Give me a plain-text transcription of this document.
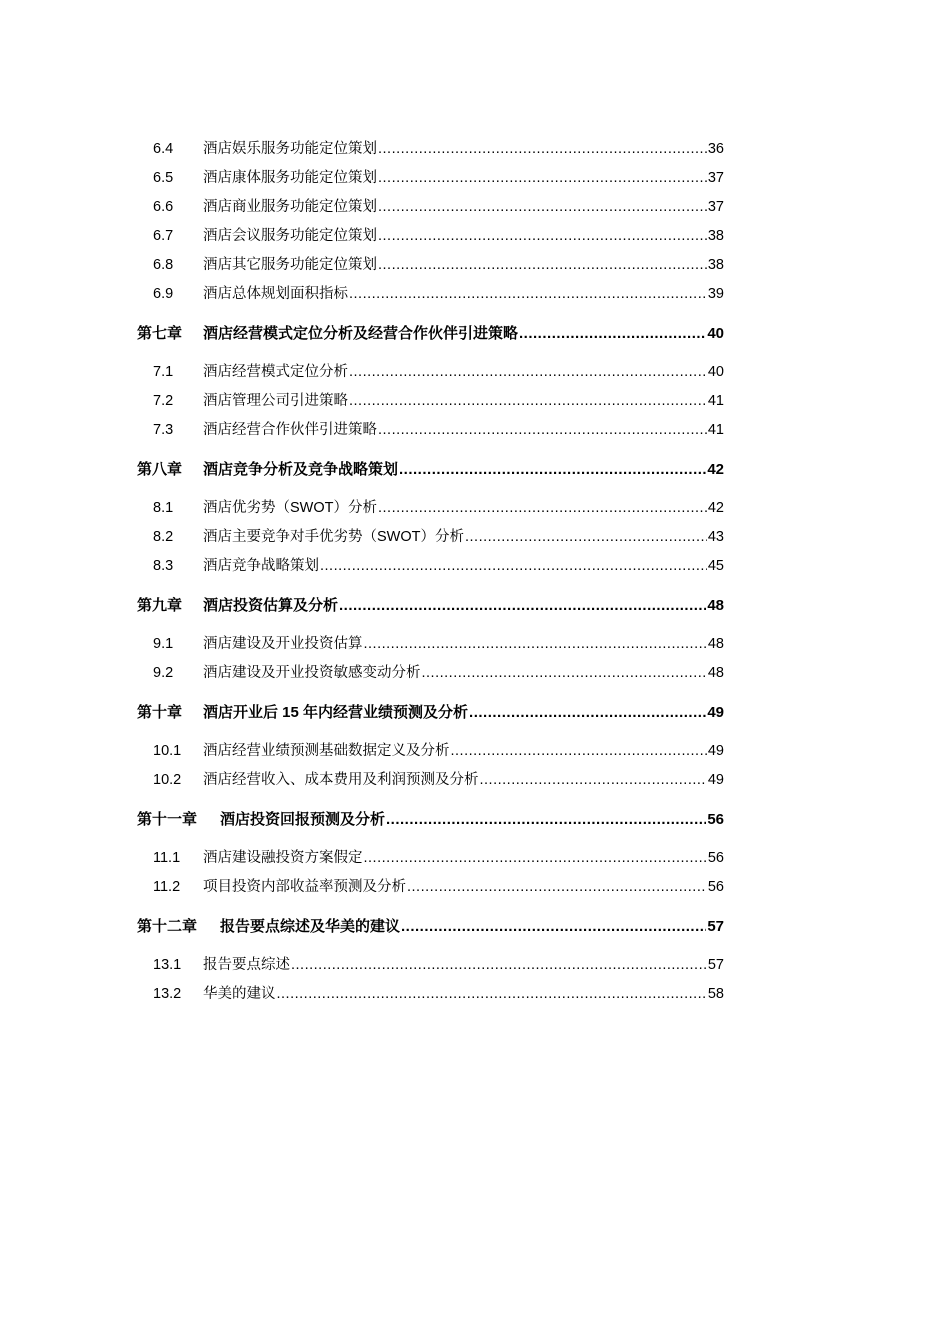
6.4	酒店娱乐服务功能定位策划 .....	36
6.5	酒店康体服务功能定位策划 .....	37
6.6	酒店商业服务功能定位策划 .....	37
6.7	酒店会议服务功能定位策划 .....	38
6.8	酒店其它服务功能定位策划 .....	38
6.9	酒店总体规划面积指标 .....	39
第七章	酒店经营模式定位分析及经营合作伙伴引进策略 .....	40
7.1	酒店经营模式定位分析 .....	40
7.2	酒店管理公司引进策略 .....	41
7.3	酒店经营合作伙伴引进策略 .....	41
第八章	酒店竞争分析及竞争战略策划 .....	42
8.1	酒店优劣势（SWOT）分析 .....	42
8.2	酒店主要竞争对手优劣势（SWOT）分析 .....	43
8.3	酒店竞争战略策划 .....	45
第九章	酒店投资估算及分析 .....	48
9.1	酒店建设及开业投资估算 .....	48
9.2	酒店建设及开业投资敏感变动分析 .....	48
第十章	酒店开业后 15 年内经营业绩预测及分析 .....	49
10.1	酒店经营业绩预测基础数据定义及分析 .....	49
10.2	酒店经营收入、成本费用及利润预测及分析 .....	49
第十一章	酒店投资回报预测及分析 .....	56
11.1	酒店建设融投资方案假定 .....	56
11.2	项目投资内部收益率预测及分析 .....	56
第十二章	报告要点综述及华美的建议 .....	57
13.1	报告要点综述 .....	57
13.2	华美的建议 .....	58
